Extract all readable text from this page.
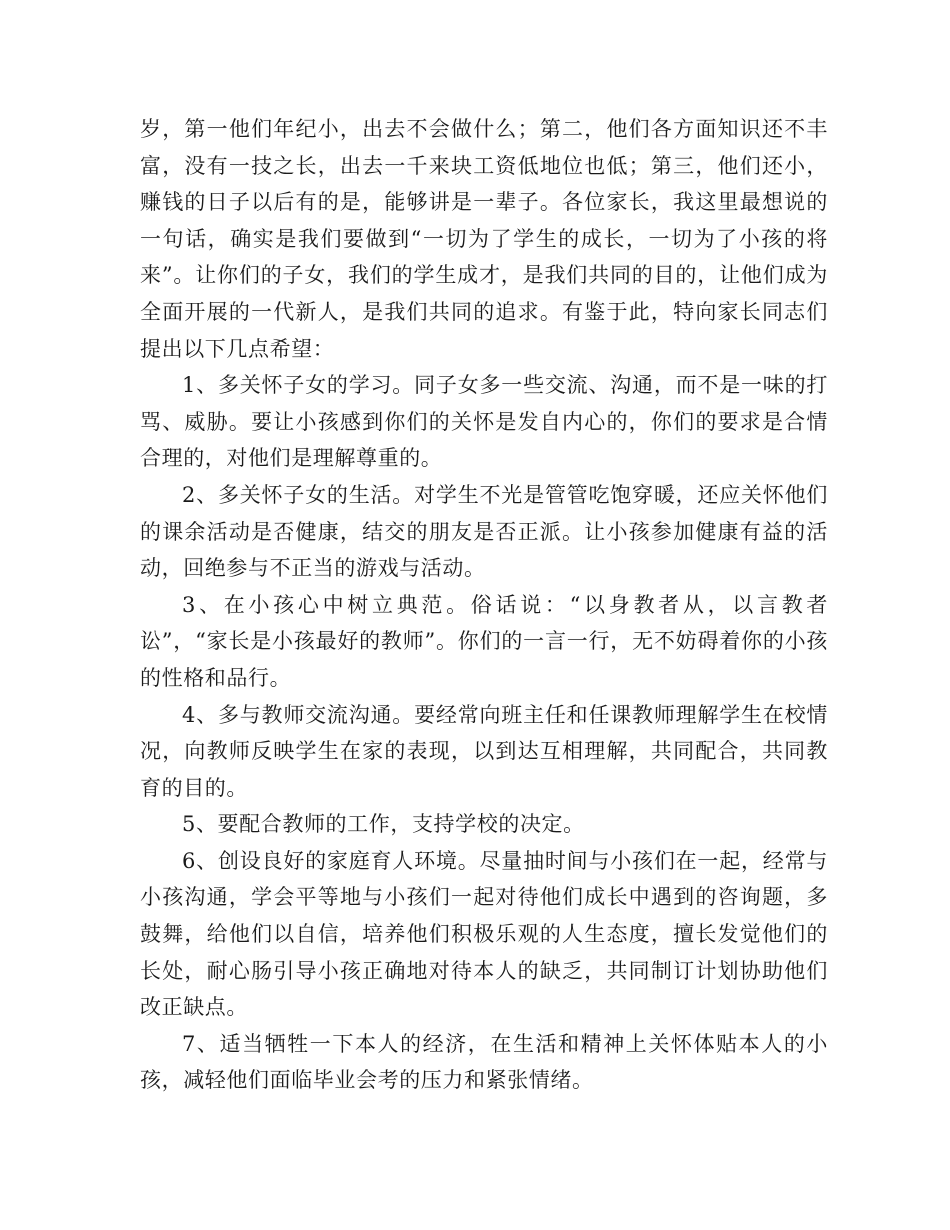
岁，第一他们年纪小，出去不会做什么；第二，他们各方面知识还不丰富，没有一技之长，出去一千来块工资低地位也低；第三，他们还小，赚钱的日子以后有的是，能够讲是一辈子。各位家长，我这里最想说的一句话，确实是我们要做到“一切为了学生的成长，一切为了小孩的将来”。让你们的子女，我们的学生成才，是我们共同的目的，让他们成为全面开展的一代新人，是我们共同的追求。有鉴于此，特向家长同志们提出以下几点希望：

1、多关怀子女的学习。同子女多一些交流、沟通，而不是一味的打骂、威胁。要让小孩感到你们的关怀是发自内心的，你们的要求是合情合理的，对他们是理解尊重的。

2、多关怀子女的生活。对学生不光是管管吃饱穿暖，还应关怀他们的课余活动是否健康，结交的朋友是否正派。让小孩参加健康有益的活动，回绝参与不正当的游戏与活动。

3、在小孩心中树立典范。俗话说：“以身教者从，以言教者讼”，“家长是小孩最好的教师”。你们的一言一行，无不妨碍着你的小孩的性格和品行。

4、多与教师交流沟通。要经常向班主任和任课教师理解学生在校情况，向教师反映学生在家的表现，以到达互相理解，共同配合，共同教育的目的。

5、要配合教师的工作，支持学校的决定。

6、创设良好的家庭育人环境。尽量抽时间与小孩们在一起，经常与小孩沟通，学会平等地与小孩们一起对待他们成长中遇到的咨询题，多鼓舞，给他们以自信，培养他们积极乐观的人生态度，擅长发觉他们的长处，耐心肠引导小孩正确地对待本人的缺乏，共同制订计划协助他们改正缺点。

7、适当牺牲一下本人的经济，在生活和精神上关怀体贴本人的小孩，减轻他们面临毕业会考的压力和紧张情绪。
